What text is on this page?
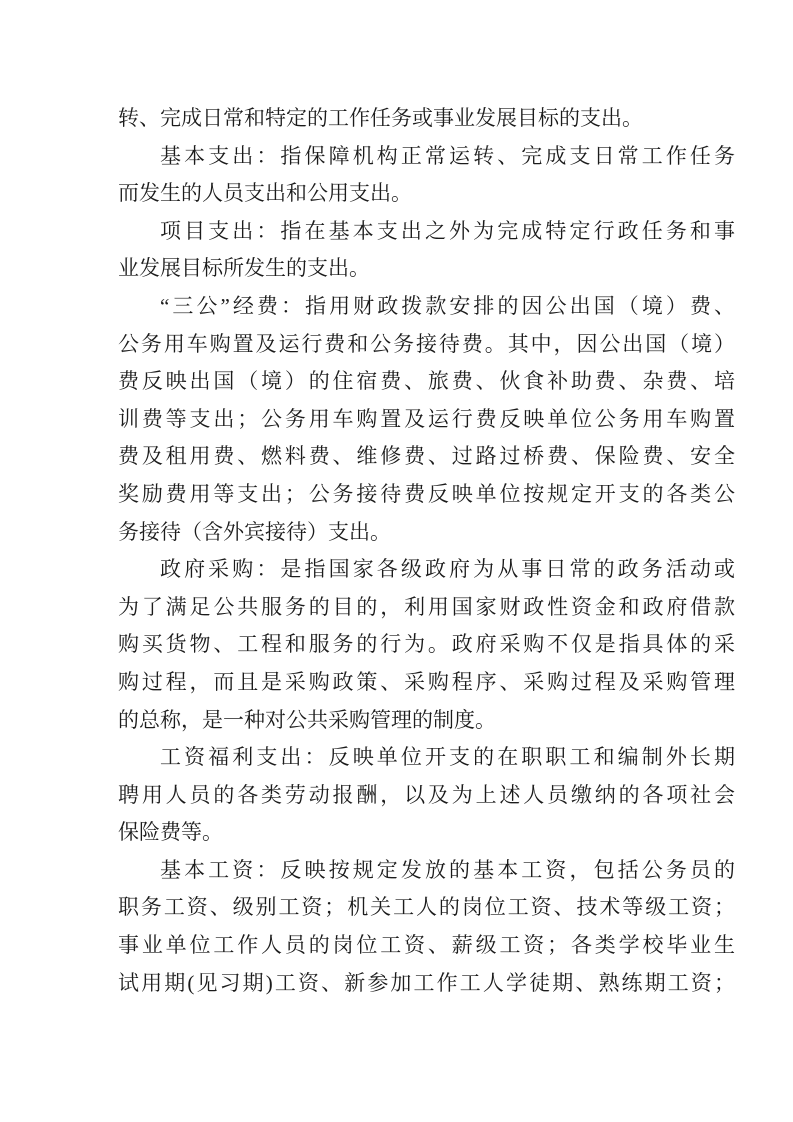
转、完成日常和特定的工作任务或事业发展目标的支出。
基本支出：指保障机构正常运转、完成支日常工作任务
而发生的人员支出和公用支出。
项目支出：指在基本支出之外为完成特定行政任务和事
业发展目标所发生的支出。
“三公”经费：指用财政拨款安排的因公出国（境）费、
公务用车购置及运行费和公务接待费。其中，因公出国（境）
费反映出国（境）的住宿费、旅费、伙食补助费、杂费、培
训费等支出；公务用车购置及运行费反映单位公务用车购置
费及租用费、燃料费、维修费、过路过桥费、保险费、安全
奖励费用等支出；公务接待费反映单位按规定开支的各类公
务接待（含外宾接待）支出。
政府采购：是指国家各级政府为从事日常的政务活动或
为了满足公共服务的目的，利用国家财政性资金和政府借款
购买货物、工程和服务的行为。政府采购不仅是指具体的采
购过程，而且是采购政策、采购程序、采购过程及采购管理
的总称，是一种对公共采购管理的制度。
工资福利支出：反映单位开支的在职职工和编制外长期
聘用人员的各类劳动报酬，以及为上述人员缴纳的各项社会
保险费等。
基本工资：反映按规定发放的基本工资，包括公务员的
职务工资、级别工资；机关工人的岗位工资、技术等级工资；
事业单位工作人员的岗位工资、薪级工资；各类学校毕业生
试用期(见习期)工资、新参加工作工人学徒期、熟练期工资；
